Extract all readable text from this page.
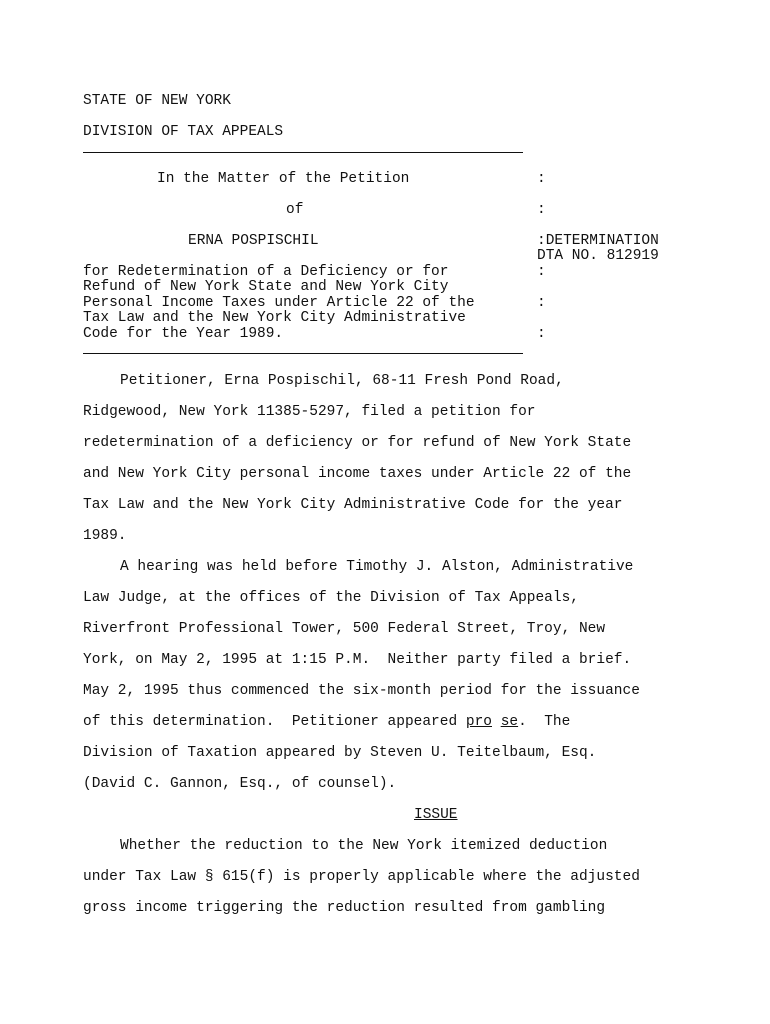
STATE OF NEW YORK
DIVISION OF TAX APPEALS
In the Matter of the Petition	:
of	:
ERNA POSPISCHIL	:DETERMINATION
DTA NO. 812919
for Redetermination of a Deficiency or for	:
Refund of New York State and New York City
Personal Income Taxes under Article 22 of the	:
Tax Law and the New York City Administrative
Code for the Year 1989.	:
Petitioner, Erna Pospischil, 68-11 Fresh Pond Road,
Ridgewood, New York 11385-5297, filed a petition for
redetermination of a deficiency or for refund of New York State
and New York City personal income taxes under Article 22 of the
Tax Law and the New York City Administrative Code for the year
1989.
A hearing was held before Timothy J. Alston, Administrative
Law Judge, at the offices of the Division of Tax Appeals,
Riverfront Professional Tower, 500 Federal Street, Troy, New
York, on May 2, 1995 at 1:15 P.M.  Neither party filed a brief.
May 2, 1995 thus commenced the six-month period for the issuance
of this determination.  Petitioner appeared pro se.  The
Division of Taxation appeared by Steven U. Teitelbaum, Esq.
(David C. Gannon, Esq., of counsel).
ISSUE
Whether the reduction to the New York itemized deduction
under Tax Law § 615(f) is properly applicable where the adjusted
gross income triggering the reduction resulted from gambling
